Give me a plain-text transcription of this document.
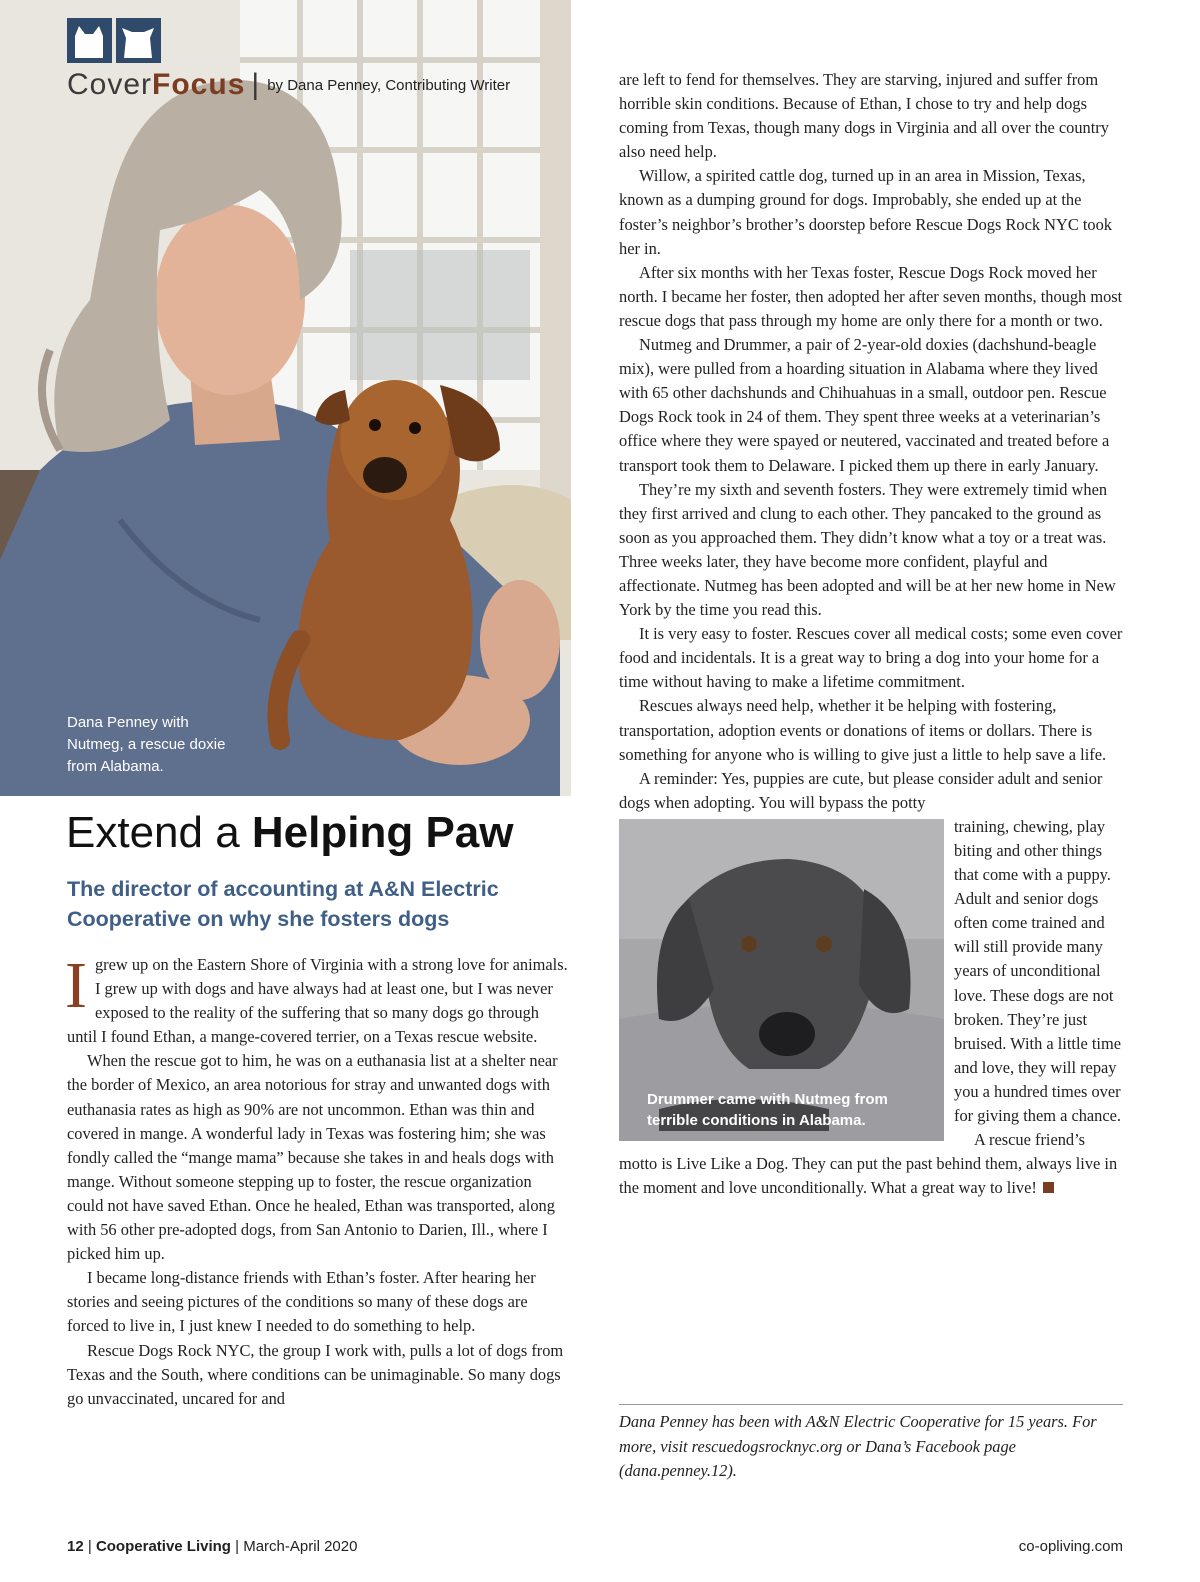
CoverFocus | by Dana Penney, Contributing Writer
Dana Penney with Nutmeg, a rescue doxie from Alabama.
Extend a Helping Paw
The director of accounting at A&N Electric Cooperative on why she fosters dogs

Igrew up on the Eastern Shore of Virginia with a strong love for animals. I grew up with dogs and have always had at least one, but I was never exposed to the reality of the suffering that so many dogs go through until I found Ethan, a mange-covered terrier, on a Texas rescue website.

When the rescue got to him, he was on a euthanasia list at a shelter near the border of Mexico, an area notorious for stray and unwanted dogs with euthanasia rates as high as 90% are not uncommon. Ethan was thin and covered in mange. A wonderful lady in Texas was fostering him; she was fondly called the “mange mama” because she takes in and heals dogs with mange. Without someone stepping up to foster, the rescue organization could not have saved Ethan. Once he healed, Ethan was transported, along with 56 other pre-adopted dogs, from San Antonio to Darien, Ill., where I picked him up.

I became long-distance friends with Ethan’s foster. After hearing her stories and seeing pictures of the conditions so many of these dogs are forced to live in, I just knew I needed to do something to help.

Rescue Dogs Rock NYC, the group I work with, pulls a lot of dogs from Texas and the South, where conditions can be unimaginable. So many dogs go unvaccinated, uncared for and

are left to fend for themselves. They are starving, injured and suffer from horrible skin conditions. Because of Ethan, I chose to try and help dogs coming from Texas, though many dogs in Virginia and all over the country also need help.

Willow, a spirited cattle dog, turned up in an area in Mission, Texas, known as a dumping ground for dogs. Improbably, she ended up at the foster’s neighbor’s brother’s doorstep before Rescue Dogs Rock NYC took her in.

After six months with her Texas foster, Rescue Dogs Rock moved her north. I became her foster, then adopted her after seven months, though most rescue dogs that pass through my home are only there for a month or two.

Nutmeg and Drummer, a pair of 2-year-old doxies (dachshund-beagle mix), were pulled from a hoarding situation in Alabama where they lived with 65 other dachshunds and Chihuahuas in a small, outdoor pen. Rescue Dogs Rock took in 24 of them. They spent three weeks at a veterinarian’s office where they were spayed or neutered, vaccinated and treated before a transport took them to Delaware. I picked them up there in early January.

They’re my sixth and seventh fosters. They were extremely timid when they first arrived and clung to each other. They pancaked to the ground as soon as you approached them. They didn’t know what a toy or a treat was. Three weeks later, they have become more confident, playful and affectionate. Nutmeg has been adopted and will be at her new home in New York by the time you read this.

It is very easy to foster. Rescues cover all medical costs; some even cover food and incidentals. It is a great way to bring a dog into your home for a time without having to make a lifetime commitment.

Rescues always need help, whether it be helping with fostering, transportation, adoption events or donations of items or dollars. There is something for anyone who is willing to give just a little to help save a life.

A reminder: Yes, puppies are cute, but please consider adult and senior dogs when adopting. You will bypass the potty

Drummer came with Nutmeg from terrible conditions in Alabama.

training, chewing, play biting and other things that come with a puppy. Adult and senior dogs often come trained and will still provide many years of unconditional love. These dogs are not broken. They’re just bruised. With a little time and love, they will repay you a hundred times over for giving them a chance.

A rescue friend’s motto is Live Like a Dog. They can put the past behind them, always live in the moment and love unconditionally. What a great way to live!

Dana Penney has been with A&N Electric Cooperative for 15 years. For more, visit rescuedogsrocknyc.org or Dana’s Facebook page (dana.penney.12).
12 | Cooperative Living | March-April 2020	co-opliving.com
